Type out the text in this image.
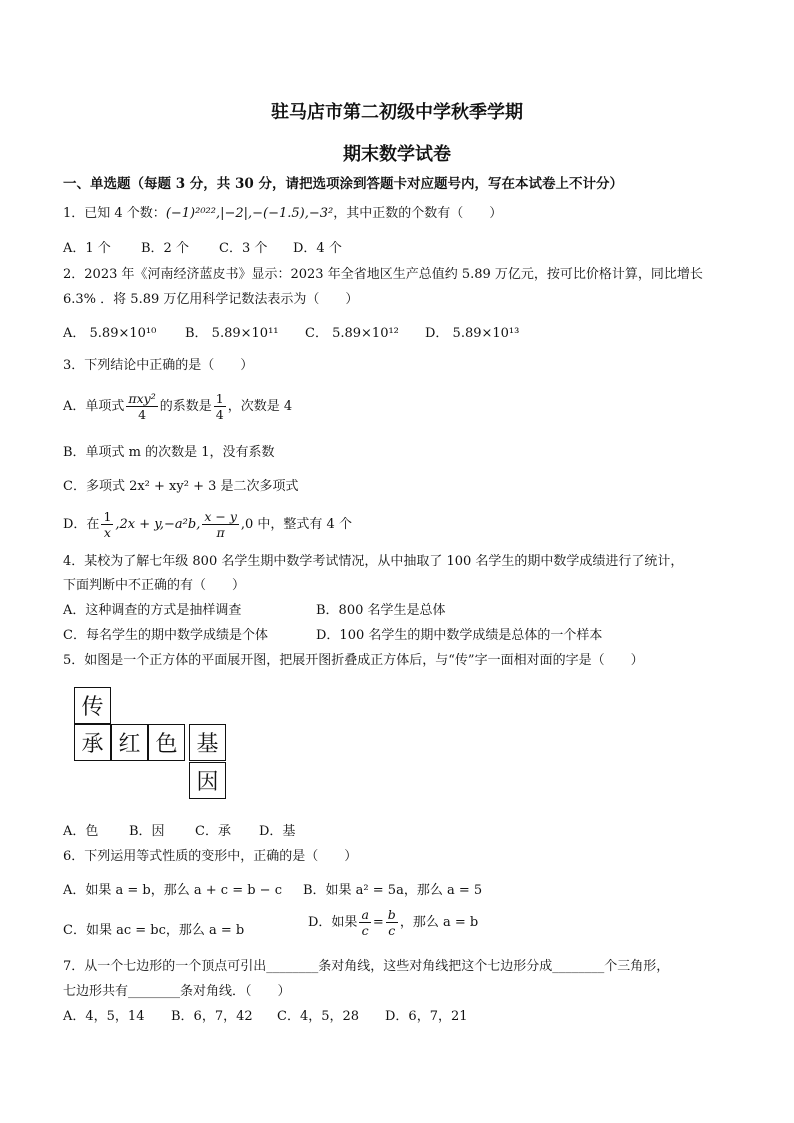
驻马店市第二初级中学秋季学期
期末数学试卷
一、单选题（每题 3 分，共 30 分，请把选项涂到答题卡对应题号内，写在本试卷上不计分）
1．已知 4 个数：(−1)²⁰²²,|−2|,−(−1.5),−3²，其中正数的个数有（　　）
A．1 个 B．2 个 C．3 个 D．4 个
2．2023 年《河南经济蓝皮书》显示：2023 年全省地区生产总值约 5.89 万亿元，按可比价格计算，同比增长
6.3% ．将 5.89 万亿用科学记数法表示为（　　）
A． 5.89×10¹⁰ B． 5.89×10¹¹ C． 5.89×10¹² D． 5.89×10¹³
3．下列结论中正确的是（　　）
A．单项式 $\frac{\text{πxy²}}{4}$ 的系数是 $\frac{1}{4}$ ，次数是 4
B．单项式 m 的次数是 1，没有系数
C．多项式 2x² + xy² + 3 是二次多项式
D．在 $\frac{1}{x} ,2x + y,-a^2b$, $\frac{x - y}{\pi} ,0$ 中，整式有 4 个
4．某校为了解七年级 800 名学生期中数学考试情况，从中抽取了 100 名学生的期中数学成绩进行了统计，
下面判断中不正确的有（　　）
A．这种调查的方式是抽样调查	B．800 名学生是总体
C．每名学生的期中数学成绩是个体	D．100 名学生的期中数学成绩是总体的一个样本
5．如图是一个正方体的平面展开图，把展开图折叠成正方体后，与“传”字一面相对面的字是（　　）
传
承 红 色 基
因
A．色 B．因 C．承 D．基
6．下列运用等式性质的变形中，正确的是（　　）
A．如果 a = b，那么 a + c = b − c B．如果 a² = 5a，那么 a = 5
C．如果 ac = bc，那么 a = b
D．如果 $\frac{a}{c} = \frac{b}{c}$ ，那么 a = b
7．从一个七边形的一个顶点可引出________条对角线，这些对角线把这个七边形分成________个三角形，
七边形共有________条对角线．（　　）
A．4，5，14 B．6，7，42 C．4，5，28 D．6，7，21
